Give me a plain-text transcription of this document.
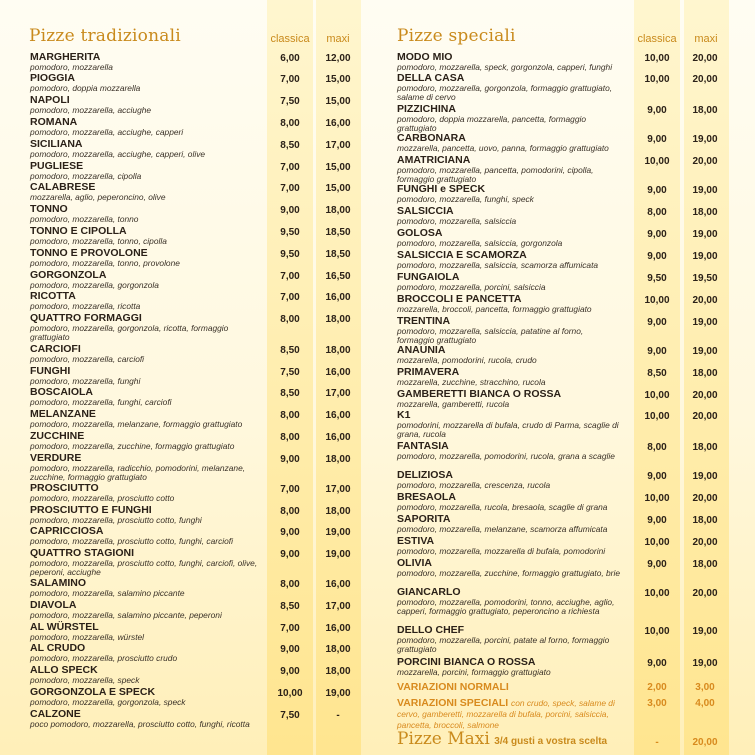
Pizze tradizionali	classica	maxi	Pizze speciali	classica	maxi
MARGHERITA
pomodoro, mozzarella
6,00	12,00
PIOGGIA
pomodoro, doppia mozzarella
7,00	15,00
NAPOLI
pomodoro, mozzarella, acciughe
7,50	15,00
ROMANA
pomodoro, mozzarella, acciughe, capperi
8,00	16,00
SICILIANA
pomodoro, mozzarella, acciughe, capperi, olive
8,50	17,00
PUGLIESE
pomodoro, mozzarella, cipolla
7,00	15,00
CALABRESE
mozzarella, aglio, peperoncino, olive
7,00	15,00
TONNO
pomodoro, mozzarella, tonno
9,00	18,00
TONNO E CIPOLLA
pomodoro, mozzarella, tonno, cipolla
9,50	18,50
TONNO E PROVOLONE
pomodoro, mozzarella, tonno, provolone
9,50	18,50
GORGONZOLA
pomodoro, mozzarella, gorgonzola
7,00	16,50
RICOTTA
pomodoro, mozzarella, ricotta
7,00	16,00
QUATTRO FORMAGGI
pomodoro, mozzarella, gorgonzola, ricotta, formaggio grattugiato
8,00	18,00
CARCIOFI
pomodoro, mozzarella, carciofi
8,50	18,00
FUNGHI
pomodoro, mozzarella, funghi
7,50	16,00
BOSCAIOLA
pomodoro, mozzarella, funghi, carciofi
8,50	17,00
MELANZANE
pomodoro, mozzarella, melanzane, formaggio grattugiato
8,00	16,00
ZUCCHINE
pomodoro, mozzarella, zucchine, formaggio grattugiato
8,00	16,00
VERDURE
pomodoro, mozzarella, radicchio, pomodorini, melanzane, zucchine, formaggio grattugiato
9,00	18,00
PROSCIUTTO
pomodoro, mozzarella, prosciutto cotto
7,00	17,00
PROSCIUTTO E FUNGHI
pomodoro, mozzarella, prosciutto cotto, funghi
8,00	18,00
CAPRICCIOSA
pomodoro, mozzarella, prosciutto cotto, funghi, carciofi
9,00	19,00
QUATTRO STAGIONI
pomodoro, mozzarella, prosciutto cotto, funghi, carciofi, olive, peperoni, acciughe
9,00	19,00
SALAMINO
pomodoro, mozzarella, salamino piccante
8,00	16,00
DIAVOLA
pomodoro, mozzarella, salamino piccante, peperoni
8,50	17,00
AL WÜRSTEL
pomodoro, mozzarella, würstel
7,00	16,00
AL CRUDO
pomodoro, mozzarella, prosciutto crudo
9,00	18,00
ALLO SPECK
pomodoro, mozzarella, speck
9,00	18,00
GORGONZOLA E SPECK
pomodoro, mozzarella, gorgonzola, speck
10,00	19,00
CALZONE
poco pomodoro, mozzarella, prosciutto cotto, funghi, ricotta
7,50	-
MODO MIO
pomodoro, mozzarella, speck, gorgonzola, capperi, funghi
10,00	20,00
DELLA CASA
pomodoro, mozzarella, gorgonzola, formaggio grattugiato, salame di cervo
10,00	20,00
PIZZICHINA
pomodoro, doppia mozzarella, pancetta, formaggio grattugiato
9,00	18,00
CARBONARA
mozzarella, pancetta, uovo, panna, formaggio grattugiato
9,00	19,00
AMATRICIANA
pomodoro, mozzarella, pancetta, pomodorini, cipolla, formaggio grattugiato
10,00	20,00
FUNGHI e SPECK
pomodoro, mozzarella, funghi, speck
9,00	19,00
SALSICCIA
pomodoro, mozzarella, salsiccia
8,00	18,00
GOLOSA
pomodoro, mozzarella, salsiccia, gorgonzola
9,00	19,00
SALSICCIA E SCAMORZA
pomodoro, mozzarella, salsiccia, scamorza affumicata
9,00	19,00
FUNGAIOLA
pomodoro, mozzarella, porcini, salsiccia
9,50	19,50
BROCCOLI E PANCETTA
mozzarella, broccoli, pancetta, formaggio grattugiato
10,00	20,00
TRENTINA
pomodoro, mozzarella, salsiccia, patatine al forno, formaggio grattugiato
9,00	19,00
ANAUNIA
mozzarella, pomodorini, rucola, crudo
9,00	19,00
PRIMAVERA
mozzarella, zucchine, stracchino, rucola
8,50	18,00
GAMBERETTI BIANCA O ROSSA
mozzarella, gamberetti, rucola
10,00	20,00
K1
pomodorini, mozzarella di bufala, crudo di Parma, scaglie di grana, rucola
10,00	20,00
FANTASIA
pomodoro, mozzarella, pomodorini, rucola, grana a scaglie
8,00	18,00
DELIZIOSA
pomodoro, mozzarella, crescenza, rucola
9,00	19,00
BRESAOLA
pomodoro, mozzarella, rucola, bresaola, scaglie di grana
10,00	20,00
SAPORITA
pomodoro, mozzarella, melanzane, scamorza affumicata
9,00	18,00
ESTIVA
pomodoro, mozzarella, mozzarella di bufala, pomodorini
10,00	20,00
OLIVIA
pomodoro, mozzarella, zucchine, formaggio grattugiato, brie
9,00	18,00
GIANCARLO
pomodoro, mozzarella, pomodorini, tonno, acciughe, aglio, capperi, formaggio grattugiato, peperoncino a richiesta
10,00	20,00
DELLO CHEF
pomodoro, mozzarella, porcini, patate al forno, formaggio grattugiato
10,00	19,00
PORCINI BIANCA O ROSSA
mozzarella, porcini, formaggio grattugiato
9,00	19,00
VARIAZIONI NORMALI	2,00	3,00
VARIAZIONI SPECIALI con crudo, speck, salame di cervo, gamberetti, mozzarella di bufala, porcini, salsiccia, pancetta, broccoli, salmone
3,00	4,00
Pizze Maxi 3/4 gusti a vostra scelta	-	20,00
